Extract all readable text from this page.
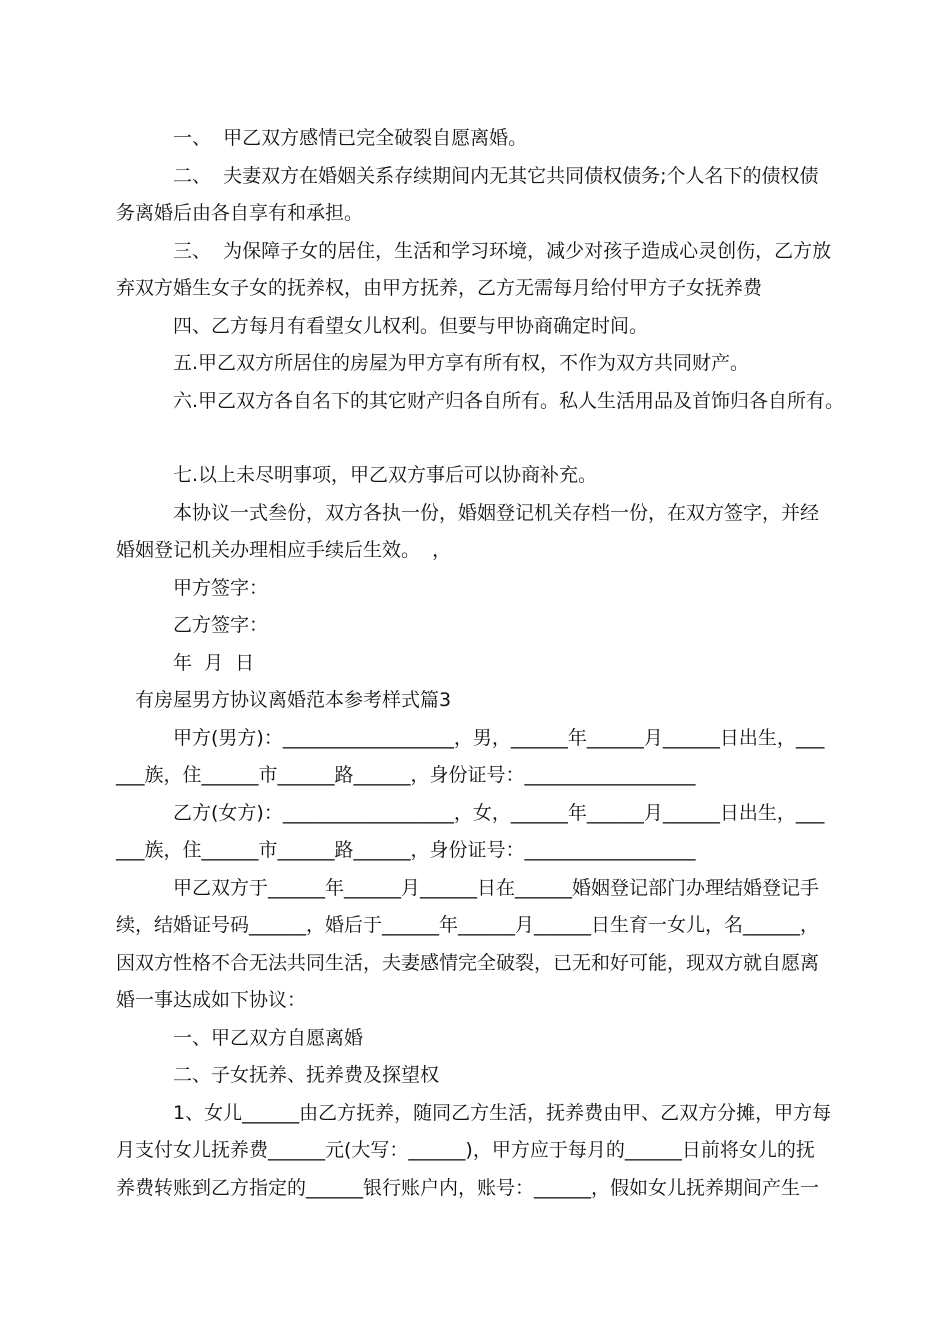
一、  甲乙双方感情已完全破裂自愿离婚。

二、  夫妻双方在婚姻关系存续期间内无其它共同债权债务;个人名下的债权债

务离婚后由各自享有和承担。

三、  为保障子女的居住，生活和学习环境，减少对孩子造成心灵创伤，乙方放

弃双方婚生女子女的抚养权，由甲方抚养，乙方无需每月给付甲方子女抚养费

四、乙方每月有看望女儿权利。但要与甲协商确定时间。

五.甲乙双方所居住的房屋为甲方享有所有权，不作为双方共同财产。

六.甲乙双方各自名下的其它财产归各自所有。私人生活用品及首饰归各自所有。

七.以上未尽明事项，甲乙双方事后可以协商补充。

本协议一式叁份，双方各执一份，婚姻登记机关存档一份，在双方签字，并经

婚姻登记机关办理相应手续后生效。  ，

甲方签字：

乙方签字：

年  月  日

有房屋男方协议离婚范本参考样式篇3

甲方(男方)：__________________，男，______年______月______日出生，___

___族，住______市______路______，身份证号：__________________

乙方(女方)：__________________，女，______年______月______日出生，___

___族，住______市______路______，身份证号：__________________

甲乙双方于______年______月______日在______婚姻登记部门办理结婚登记手

续，结婚证号码______，婚后于______年______月______日生育一女儿，名______，

因双方性格不合无法共同生活，夫妻感情完全破裂，已无和好可能，现双方就自愿离

婚一事达成如下协议：

一、甲乙双方自愿离婚

二、子女抚养、抚养费及探望权

1、女儿______由乙方抚养，随同乙方生活，抚养费由甲、乙双方分摊，甲方每

月支付女儿抚养费______元(大写：______)，甲方应于每月的______日前将女儿的抚

养费转账到乙方指定的______银行账户内，账号：______，假如女儿抚养期间产生一
